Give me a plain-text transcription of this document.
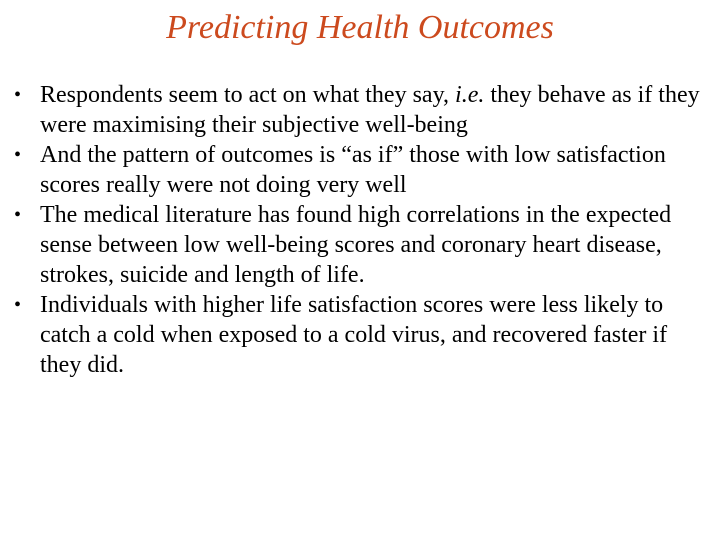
Predicting Health Outcomes
• Respondents seem to act on what they say, i.e. they behave as if they were maximising their subjective well-being
• And the pattern of outcomes is “as if” those with low satisfaction scores really were not doing very well
• The medical literature has found high correlations in the expected sense between low well-being scores and coronary heart disease, strokes, suicide and length of life.
• Individuals with higher life satisfaction scores were less likely to catch a cold when exposed to a cold virus, and recovered faster if they did.
